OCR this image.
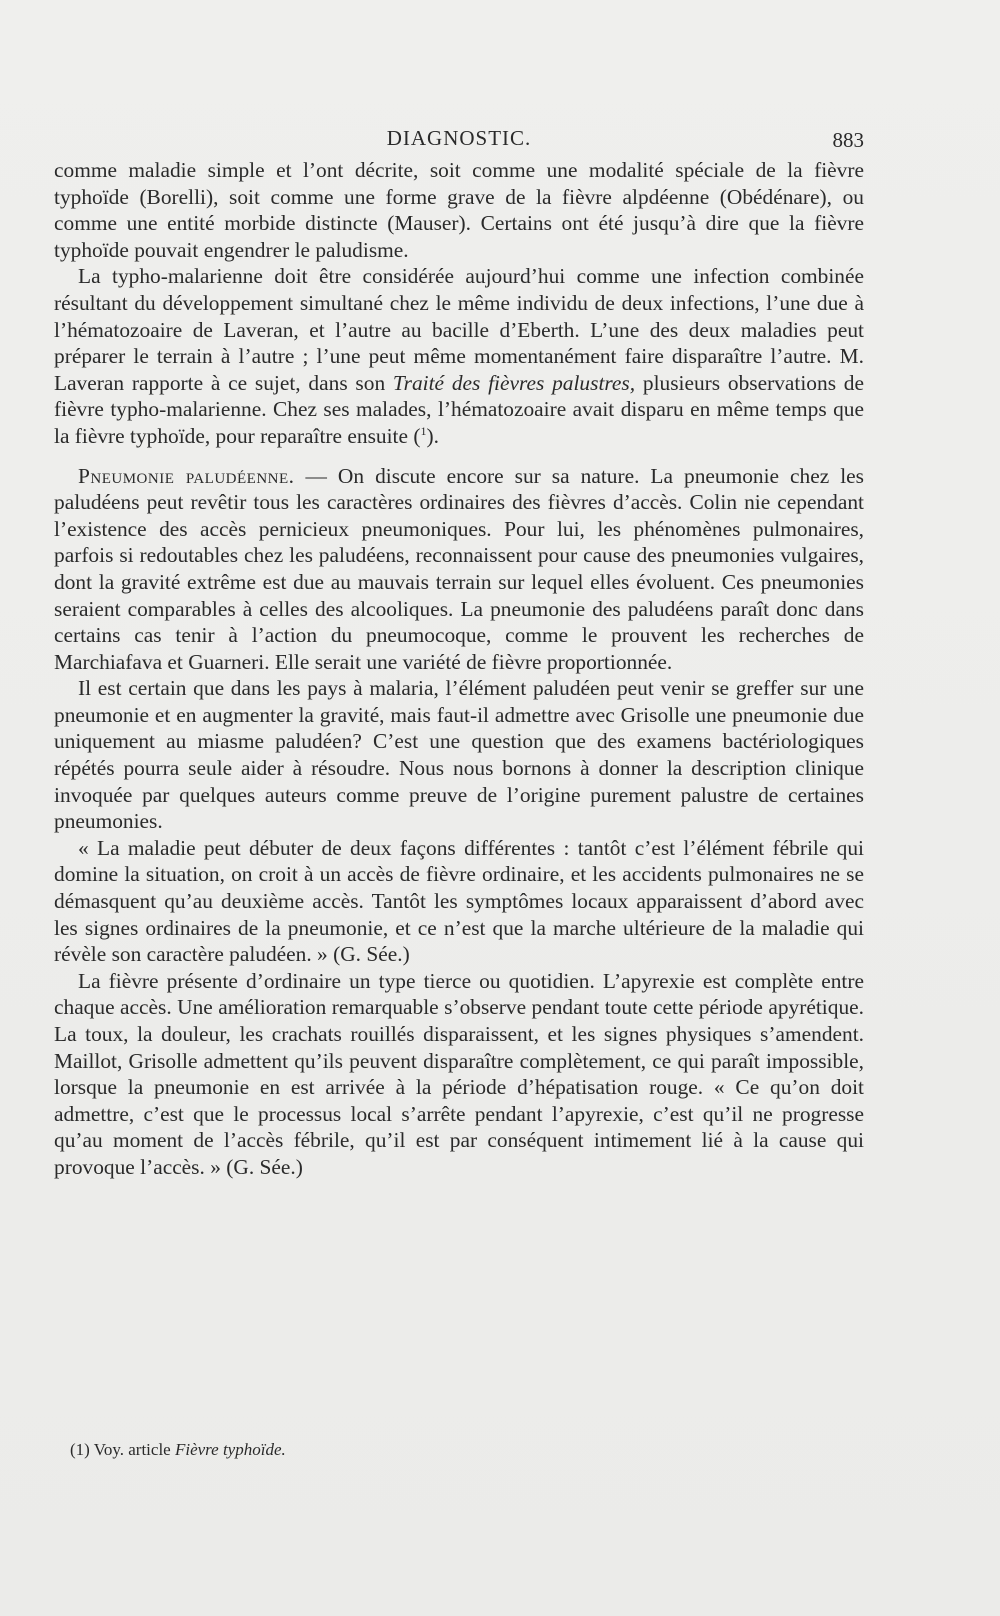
DIAGNOSTIC.	883

comme maladie simple et l’ont décrite, soit comme une modalité spéciale de la fièvre typhoïde (Borelli), soit comme une forme grave de la fièvre alpdéenne (Obédénare), ou comme une entité morbide distincte (Mauser). Certains ont été jusqu’à dire que la fièvre typhoïde pouvait engendrer le paludisme.

La typho-malarienne doit être considérée aujourd’hui comme une infection combinée résultant du développement simultané chez le même individu de deux infections, l’une due à l’hématozoaire de Laveran, et l’autre au bacille d’Eberth. L’une des deux maladies peut préparer le terrain à l’autre ; l’une peut même momentanément faire disparaître l’autre. M. Laveran rapporte à ce sujet, dans son Traité des fièvres palustres, plusieurs observations de fièvre typho-malarienne. Chez ses malades, l’hématozoaire avait disparu en même temps que la fièvre typhoïde, pour reparaître ensuite ($^1$).

Pneumonie paludéenne. — On discute encore sur sa nature. La pneumonie chez les paludéens peut revêtir tous les caractères ordinaires des fièvres d’accès. Colin nie cependant l’existence des accès pernicieux pneumoniques. Pour lui, les phénomènes pulmonaires, parfois si redoutables chez les paludéens, reconnaissent pour cause des pneumonies vulgaires, dont la gravité extrême est due au mauvais terrain sur lequel elles évoluent. Ces pneumonies seraient comparables à celles des alcooliques. La pneumonie des paludéens paraît donc dans certains cas tenir à l’action du pneumocoque, comme le prouvent les recherches de Marchiafava et Guarneri. Elle serait une variété de fièvre proportionnée.

Il est certain que dans les pays à malaria, l’élément paludéen peut venir se greffer sur une pneumonie et en augmenter la gravité, mais faut-il admettre avec Grisolle une pneumonie due uniquement au miasme paludéen? C’est une question que des examens bactériologiques répétés pourra seule aider à résoudre. Nous nous bornons à donner la description clinique invoquée par quelques auteurs comme preuve de l’origine purement palustre de certaines pneumonies.

« La maladie peut débuter de deux façons différentes : tantôt c’est l’élément fébrile qui domine la situation, on croit à un accès de fièvre ordinaire, et les accidents pulmonaires ne se démasquent qu’au deuxième accès. Tantôt les symptômes locaux apparaissent d’abord avec les signes ordinaires de la pneumonie, et ce n’est que la marche ultérieure de la maladie qui révèle son caractère paludéen. » (G. Sée.)

La fièvre présente d’ordinaire un type tierce ou quotidien. L’apyrexie est complète entre chaque accès. Une amélioration remarquable s’observe pendant toute cette période apyrétique. La toux, la douleur, les crachats rouillés disparaissent, et les signes physiques s’amendent. Maillot, Grisolle admettent qu’ils peuvent disparaître complètement, ce qui paraît impossible, lorsque la pneumonie en est arrivée à la période d’hépatisation rouge. « Ce qu’on doit admettre, c’est que le processus local s’arrête pendant l’apyrexie, c’est qu’il ne progresse qu’au moment de l’accès fébrile, qu’il est par conséquent intimement lié à la cause qui provoque l’accès. » (G. Sée.)

(1) Voy. article Fièvre typhoïde.
